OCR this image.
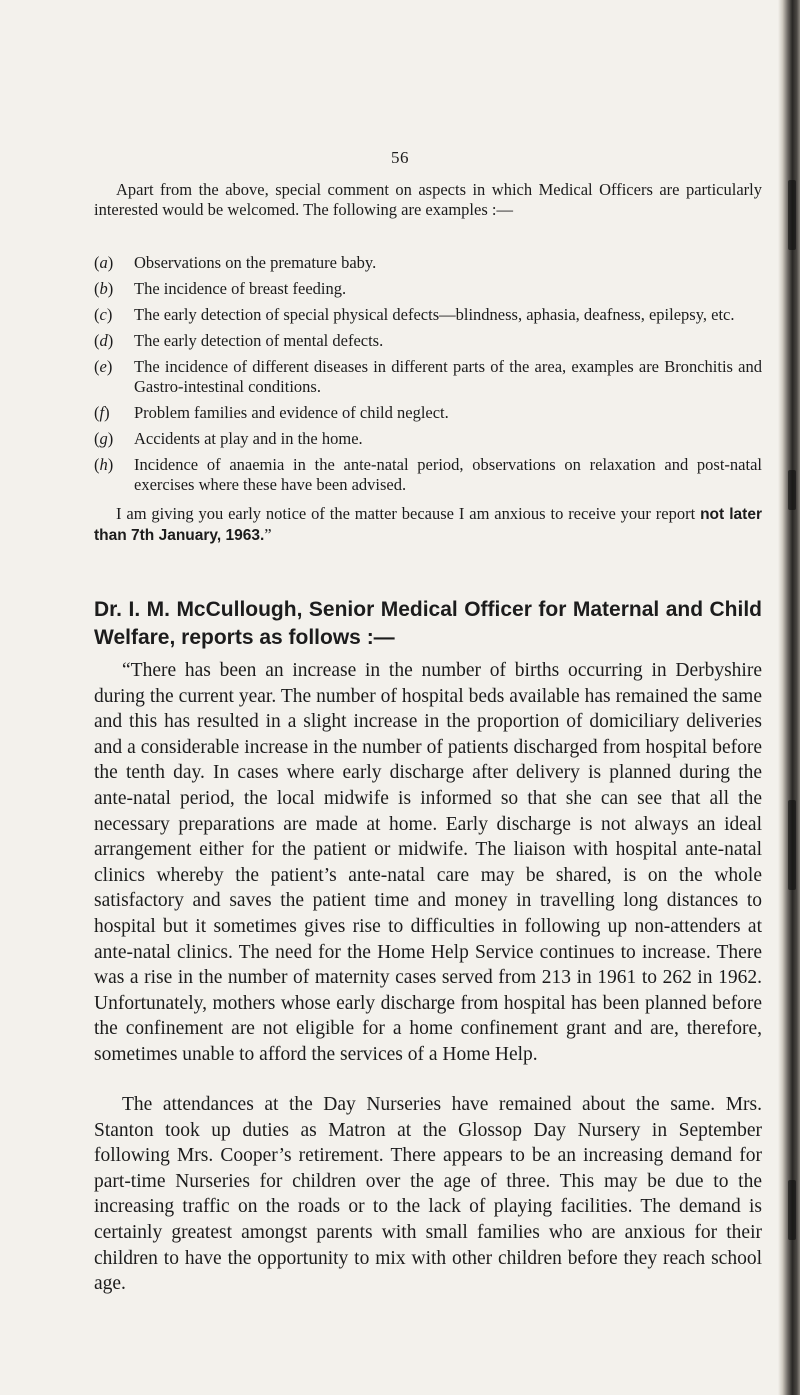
56

Apart from the above, special comment on aspects in which Medical Officers are particularly interested would be welcomed. The following are examples :—

(a)	Observations on the premature baby.
(b)	The incidence of breast feeding.
(c)	The early detection of special physical defects—blindness, aphasia, deafness, epilepsy, etc.
(d)	The early detection of mental defects.
(e)	The incidence of different diseases in different parts of the area, examples are Bronchitis and Gastro-intestinal conditions.
(f)	Problem families and evidence of child neglect.
(g)	Accidents at play and in the home.
(h)	Incidence of anaemia in the ante-natal period, observations on relaxation and post-natal exercises where these have been advised.

I am giving you early notice of the matter because I am anxious to receive your report not later than 7th January, 1963.”

Dr. I. M. McCullough, Senior Medical Officer for Maternal and Child Welfare, reports as follows :—

“There has been an increase in the number of births occurring in Derbyshire during the current year. The number of hospital beds available has remained the same and this has resulted in a slight increase in the proportion of domiciliary deliveries and a considerable increase in the number of patients discharged from hospital before the tenth day. In cases where early discharge after delivery is planned during the ante-natal period, the local midwife is informed so that she can see that all the necessary preparations are made at home. Early discharge is not always an ideal arrangement either for the patient or midwife. The liaison with hospital ante-natal clinics whereby the patient’s ante-natal care may be shared, is on the whole satisfactory and saves the patient time and money in travelling long distances to hospital but it sometimes gives rise to difficulties in following up non-attenders at ante-natal clinics. The need for the Home Help Service continues to increase. There was a rise in the number of maternity cases served from 213 in 1961 to 262 in 1962. Unfortunately, mothers whose early discharge from hospital has been planned before the confinement are not eligible for a home confinement grant and are, therefore, sometimes unable to afford the services of a Home Help.

The attendances at the Day Nurseries have remained about the same. Mrs. Stanton took up duties as Matron at the Glossop Day Nursery in September following Mrs. Cooper’s retirement. There appears to be an increasing demand for part-time Nurseries for children over the age of three. This may be due to the increasing traffic on the roads or to the lack of playing facilities. The demand is certainly greatest amongst parents with small families who are anxious for their children to have the opportunity to mix with other children before they reach school age.
